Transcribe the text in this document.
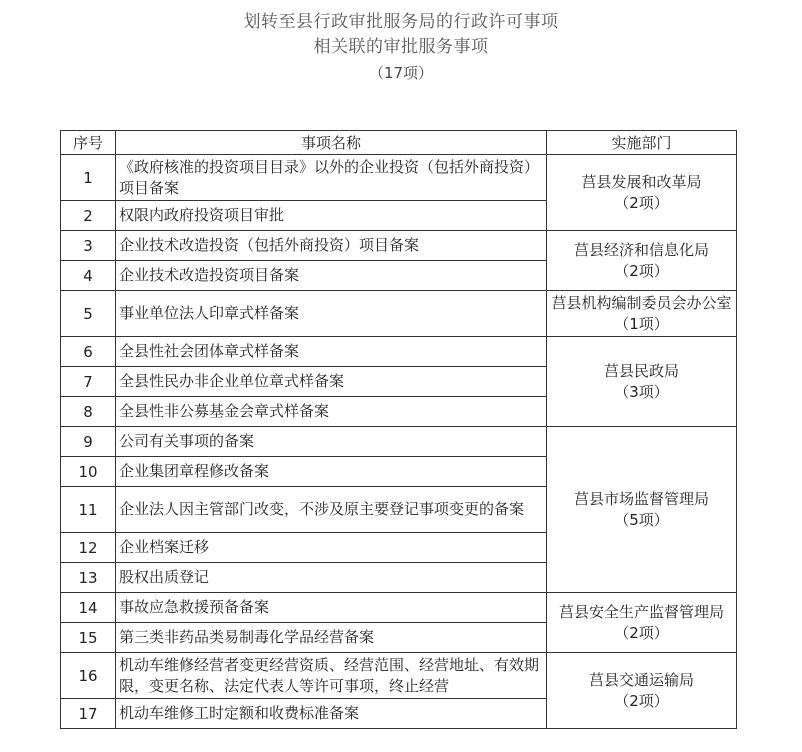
划转至县行政审批服务局的行政许可事项
相关联的审批服务事项
（17项）
序号	事项名称	实施部门
1	《政府核准的投资项目目录》以外的企业投资（包括外商投资）项目备案	莒县发展和改革局
（2项）

2	权限内政府投资项目审批	
3	企业技术改造投资（包括外商投资）项目备案	莒县经济和信息化局
（2项）

4	企业技术改造投资项目备案	
5	事业单位法人印章式样备案	莒县机构编制委员会办公室（1项）

6	全县性社会团体章式样备案	莒县民政局
（3项）

7	全县性民办非企业单位章式样备案	
8	全县性非公募基金会章式样备案	
9	公司有关事项的备案	莒县市场监督管理局
（5项）

10	企业集团章程修改备案	
11	企业法人因主管部门改变，不涉及原主要登记事项变更的备案	
12	企业档案迁移	
13	股权出质登记	
14	事故应急救援预备备案	莒县安全生产监督管理局
（2项）

15	第三类非药品类易制毒化学品经营备案	
16	机动车维修经营者变更经营资质、经营范围、经营地址、有效期限，变更名称、法定代表人等许可事项，终止经营	莒县交通运输局
（2项）

17	机动车维修工时定额和收费标准备案	
